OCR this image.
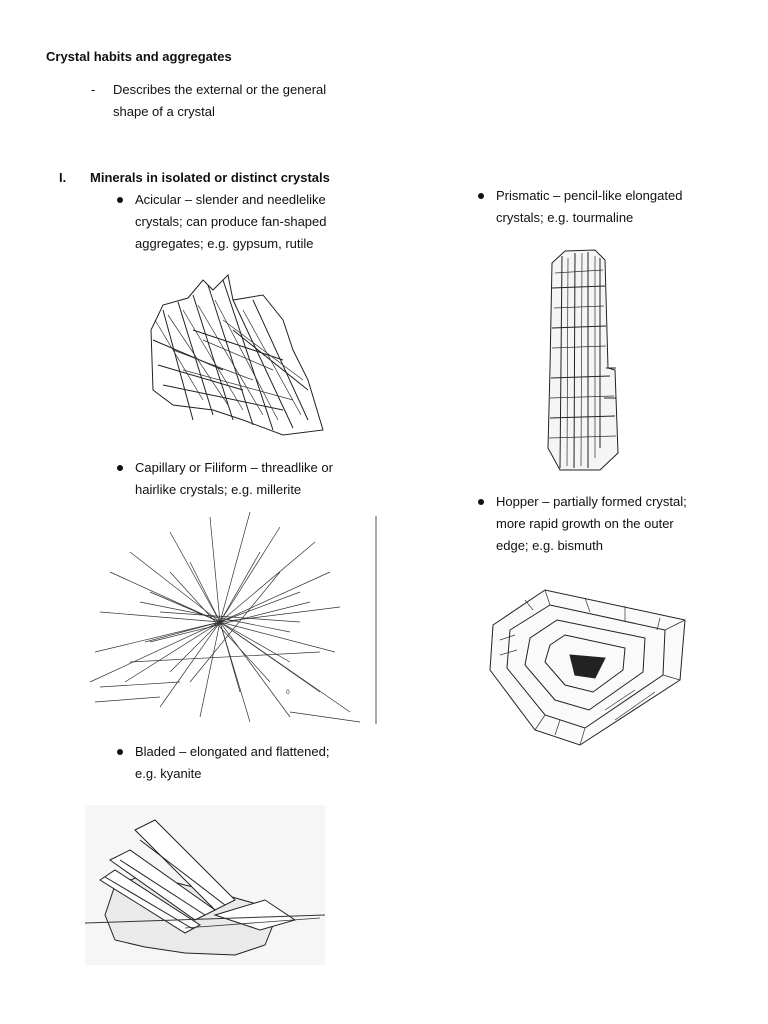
Crystal habits and aggregates
- Describes the external or the general
shape of a crystal
I. Minerals in isolated or distinct crystals
Acicular – slender and needlelike
crystals; can produce fan-shaped
aggregates; e.g. gypsum, rutile
Capillary or Filiform – threadlike or
hairlike crystals; e.g. millerite
0
Bladed – elongated and flattened;
e.g. kyanite
Prismatic – pencil-like elongated
crystals; e.g. tourmaline
Hopper – partially formed crystal;
more rapid growth on the outer
edge; e.g. bismuth
